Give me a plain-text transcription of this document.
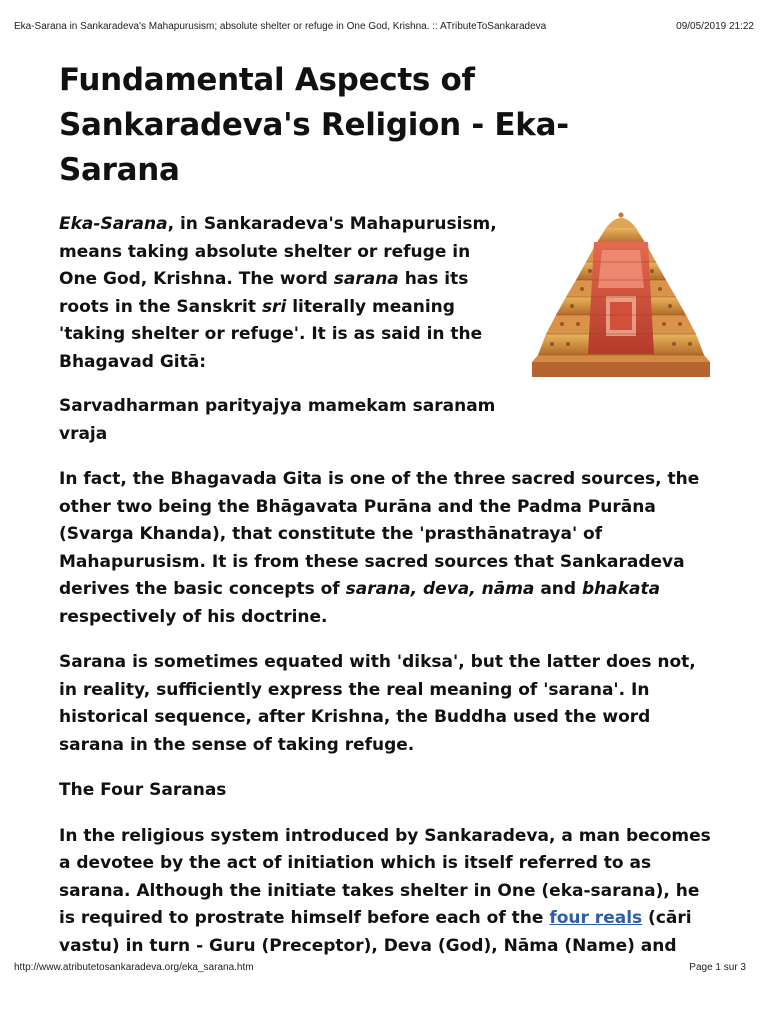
Eka-Sarana in Sankaradeva's Mahapurusism; absolute shelter or refuge in One God, Krishna. :: ATributeToSankaradeva	09/05/2019 21:22
Fundamental Aspects of Sankaradeva's Religion - Eka-Sarana

Eka-Sarana, in Sankaradeva's Mahapurusism, means taking absolute shelter or refuge in One God, Krishna. The word sarana has its roots in the Sanskrit sri literally meaning 'taking shelter or refuge'. It is as said in the Bhagavad Gitā:

Sarvadharman parityajya mamekam saranam vraja

In fact, the Bhagavada Gita is one of the three sacred sources, the other two being the Bhāgavata Purāna and the Padma Purāna (Svarga Khanda), that constitute the 'prasthānatraya' of Mahapurusism. It is from these sacred sources that Sankaradeva derives the basic concepts of sarana, deva, nāma and bhakata respectively of his doctrine.

Sarana is sometimes equated with 'diksa', but the latter does not, in reality, sufficiently express the real meaning of 'sarana'. In historical sequence, after Krishna, the Buddha used the word sarana in the sense of taking refuge.

The Four Saranas

In the religious system introduced by Sankaradeva, a man becomes a devotee by the act of initiation which is itself referred to as sarana. Although the initiate takes shelter in One (eka-sarana), he is required to prostrate himself before each of the four reals (cāri vastu) in turn - Guru (Preceptor), Deva (God), Nāma (Name) and

http://www.atributetosankaradeva.org/eka_sarana.htm	Page 1 sur 3
